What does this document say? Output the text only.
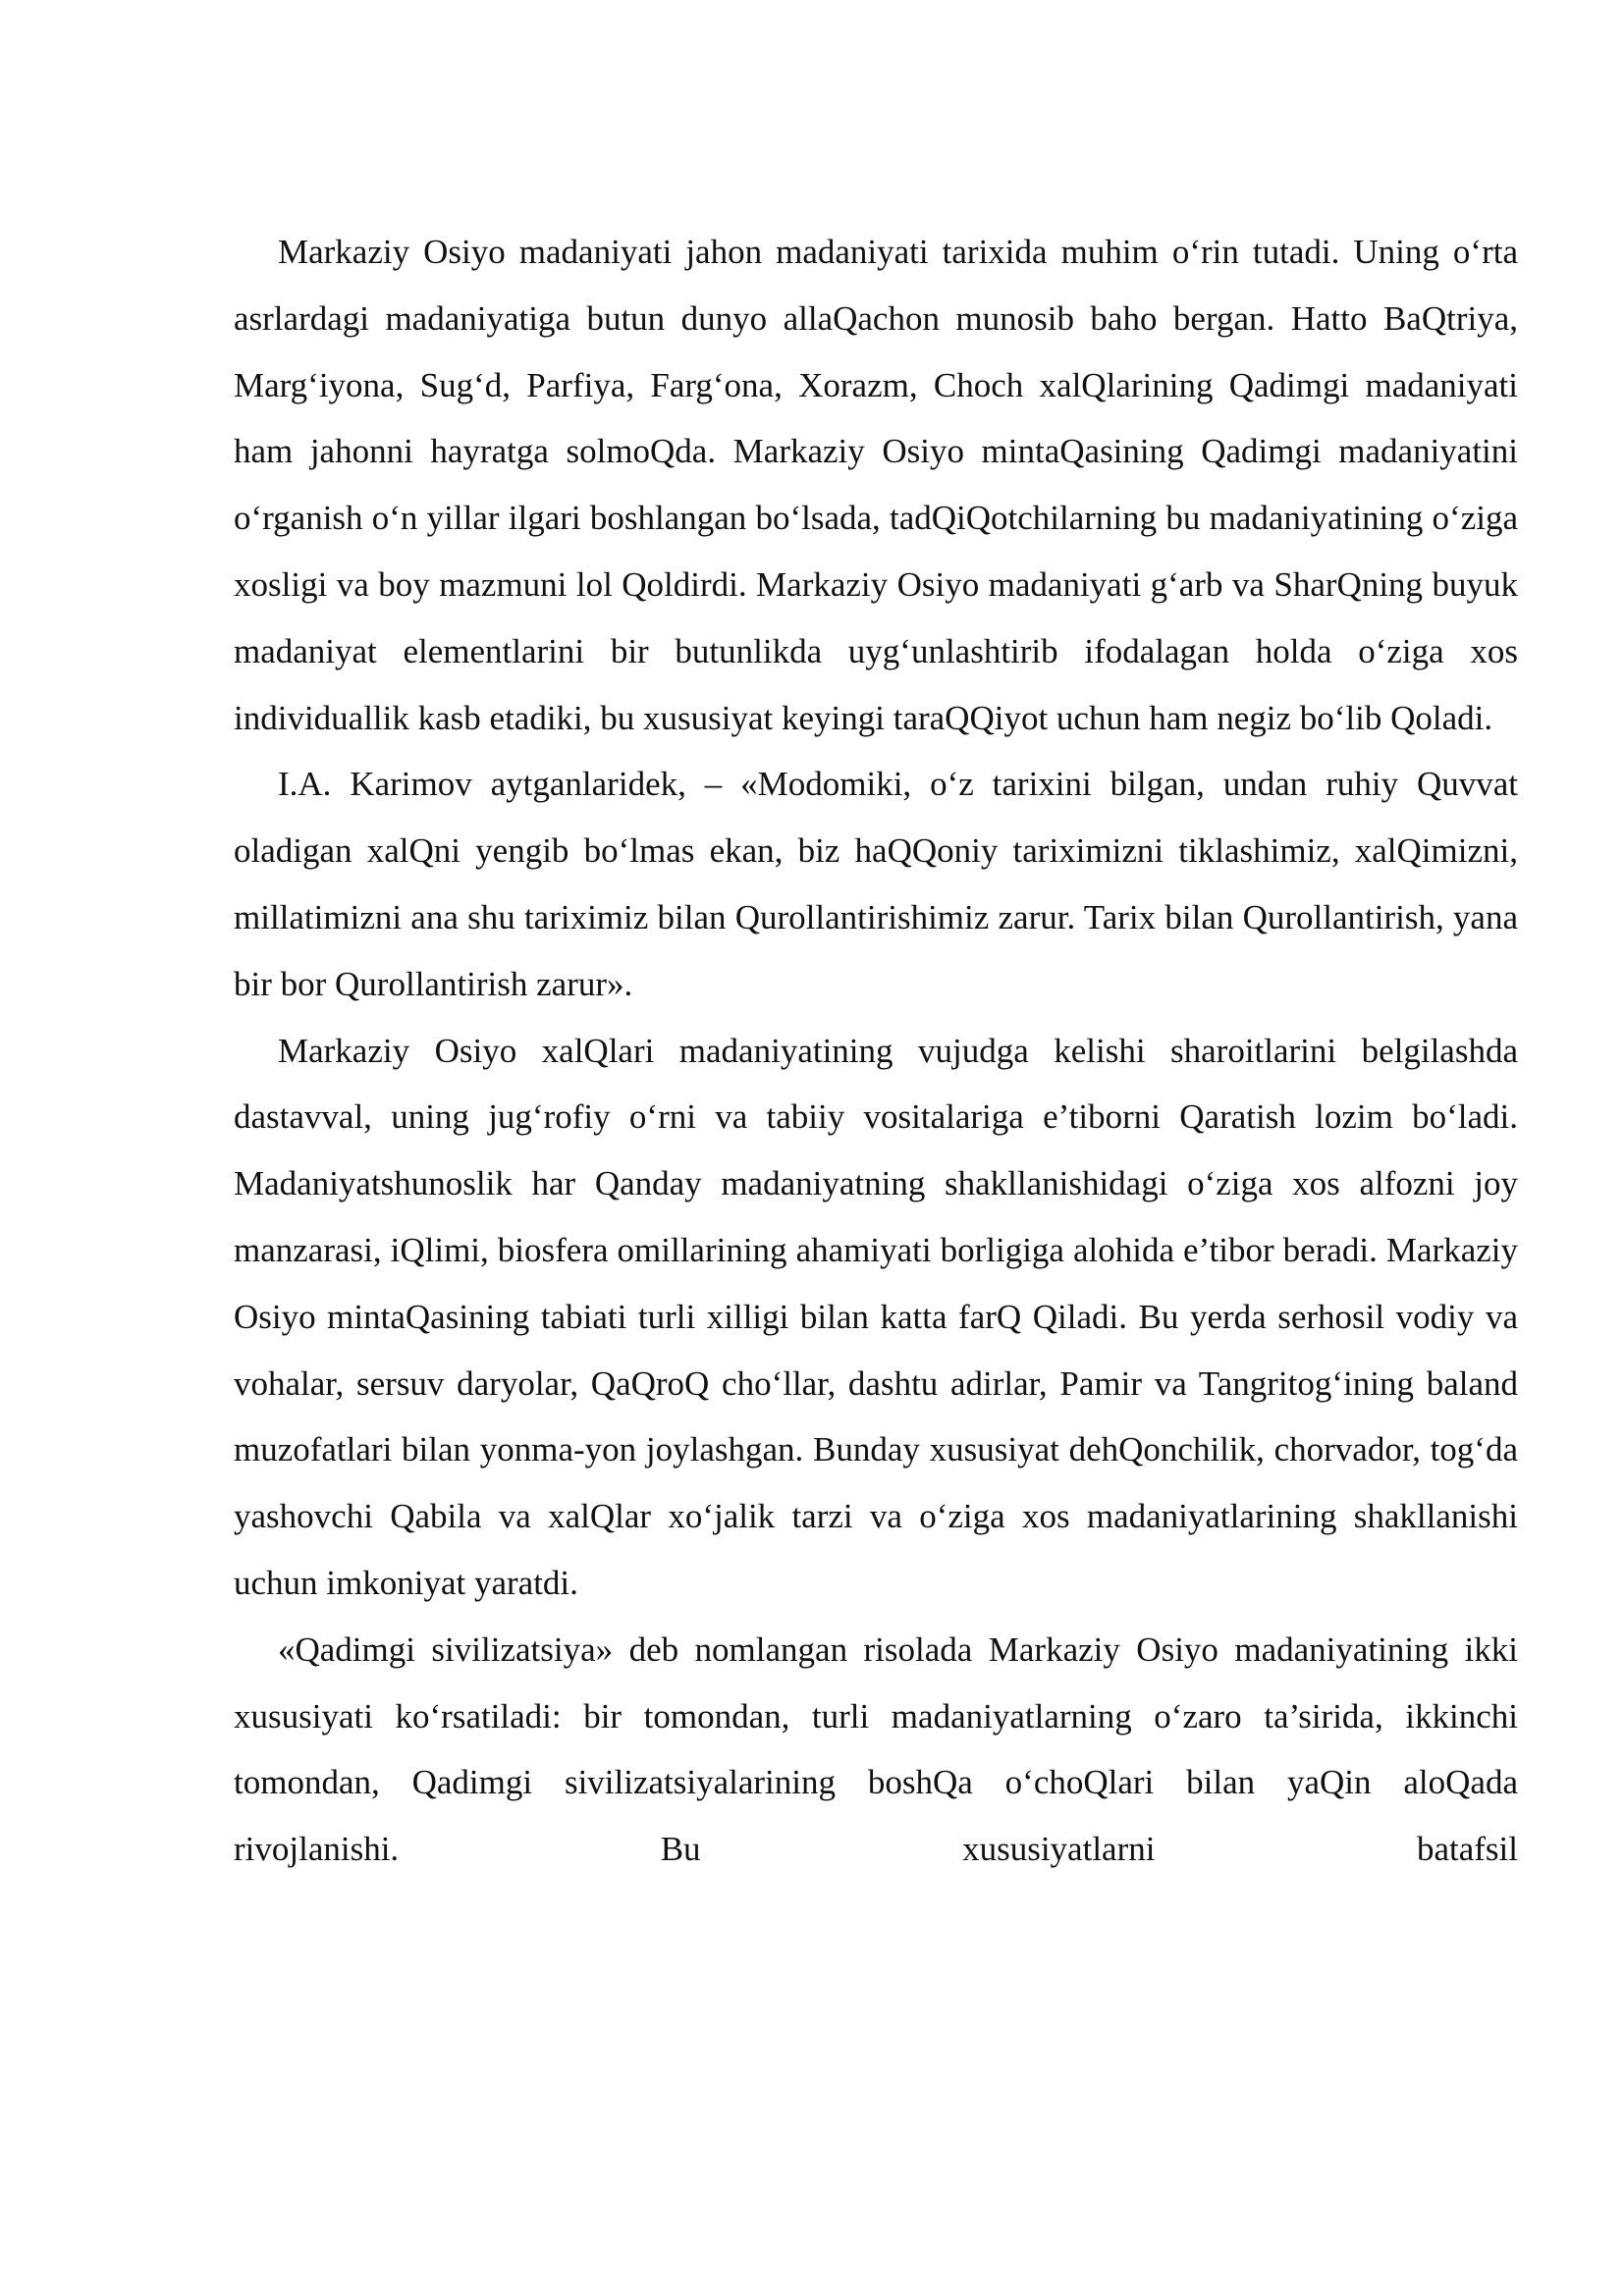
Markaziy Osiyo madaniyati jahon madaniyati tarixida muhim o‘rin tutadi. Uning o‘rta asrlardagi madaniyatiga butun dunyo allaQachon munosib baho bergan. Hatto BaQtriya, Marg‘iyona, Sug‘d, Parfiya, Farg‘ona, Xorazm, Choch xalQlarining Qadimgi madaniyati ham jahonni hayratga solmoQda. Markaziy Osiyo mintaQasining Qadimgi madaniyatini o‘rganish o‘n yillar ilgari boshlangan bo‘lsada, tadQiQotchilarning bu madaniyatining o‘ziga xosligi va boy mazmuni lol Qoldirdi. Markaziy Osiyo madaniyati g‘arb va SharQning buyuk madaniyat elementlarini bir butunlikda uyg‘unlashtirib ifodalagan holda o‘ziga xos individuallik kasb etadiki, bu xususiyat keyingi taraQQiyot uchun ham negiz bo‘lib Qoladi.

I.A. Karimov aytganlaridek, – «Modomiki, o‘z tarixini bilgan, undan ruhiy Quvvat oladigan xalQni yengib bo‘lmas ekan, biz haQQoniy tariximizni tiklashimiz, xalQimizni, millatimizni ana shu tariximiz bilan Qurollantirishimiz zarur. Tarix bilan Qurollantirish, yana bir bor Qurollantirish zarur».

Markaziy Osiyo xalQlari madaniyatining vujudga kelishi sharoitlarini belgilashda dastavval, uning jug‘rofiy o‘rni va tabiiy vositalariga e’tiborni Qaratish lozim bo‘ladi. Madaniyatshunoslik har Qanday madaniyatning shakllanishidagi o‘ziga xos alfozni joy manzarasi, iQlimi, biosfera omillarining ahamiyati borligiga alohida e’tibor beradi. Markaziy Osiyo mintaQasining tabiati turli xilligi bilan katta farQ Qiladi. Bu yerda serhosil vodiy va vohalar, sersuv daryolar, QaQroQ cho‘llar, dashtu adirlar, Pamir va Tangritog‘ining baland muzofatlari bilan yonma-yon joylashgan. Bunday xususiyat dehQonchilik, chorvador, tog‘da yashovchi Qabila va xalQlar xo‘jalik tarzi va o‘ziga xos madaniyatlarining shakllanishi uchun imkoniyat yaratdi.

«Qadimgi sivilizatsiya» deb nomlangan risolada Markaziy Osiyo madaniyatining ikki xususiyati ko‘rsatiladi: bir tomondan, turli madaniyatlarning o‘zaro ta’sirida, ikkinchi tomondan, Qadimgi sivilizatsiyalarining boshQa o‘choQlari bilan yaQin aloQada rivojlanishi. Bu xususiyatlarni batafsil
